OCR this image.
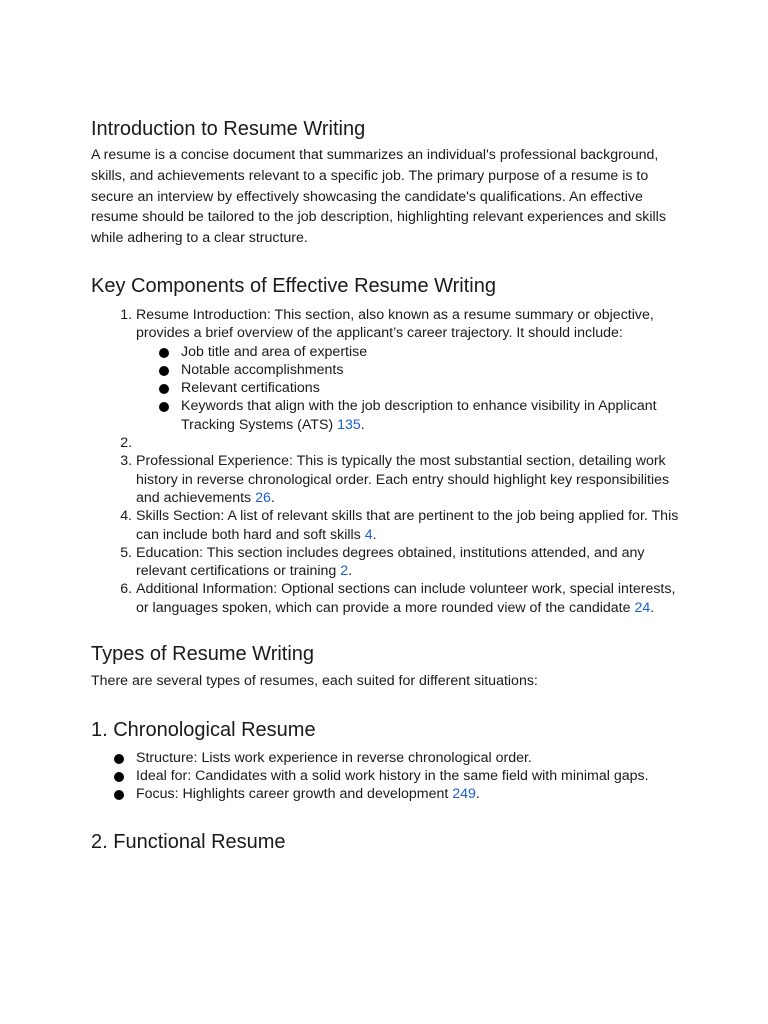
Introduction to Resume Writing

A resume is a concise document that summarizes an individual's professional background, skills, and achievements relevant to a specific job. The primary purpose of a resume is to secure an interview by effectively showcasing the candidate's qualifications. An effective resume should be tailored to the job description, highlighting relevant experiences and skills while adhering to a clear structure.

Key Components of Effective Resume Writing
1. Resume Introduction: This section, also known as a resume summary or objective, provides a brief overview of the applicant’s career trajectory. It should include:
Job title and area of expertise
Notable accomplishments
Relevant certifications
Keywords that align with the job description to enhance visibility in Applicant Tracking Systems (ATS) 135.
2.
3. Professional Experience: This is typically the most substantial section, detailing work history in reverse chronological order. Each entry should highlight key responsibilities and achievements 26.
4. Skills Section: A list of relevant skills that are pertinent to the job being applied for. This can include both hard and soft skills 4.
5. Education: This section includes degrees obtained, institutions attended, and any relevant certifications or training 2.
6. Additional Information: Optional sections can include volunteer work, special interests, or languages spoken, which can provide a more rounded view of the candidate 24.
Types of Resume Writing

There are several types of resumes, each suited for different situations:

1. Chronological Resume
Structure: Lists work experience in reverse chronological order.
Ideal for: Candidates with a solid work history in the same field with minimal gaps.
Focus: Highlights career growth and development 249.
2. Functional Resume
